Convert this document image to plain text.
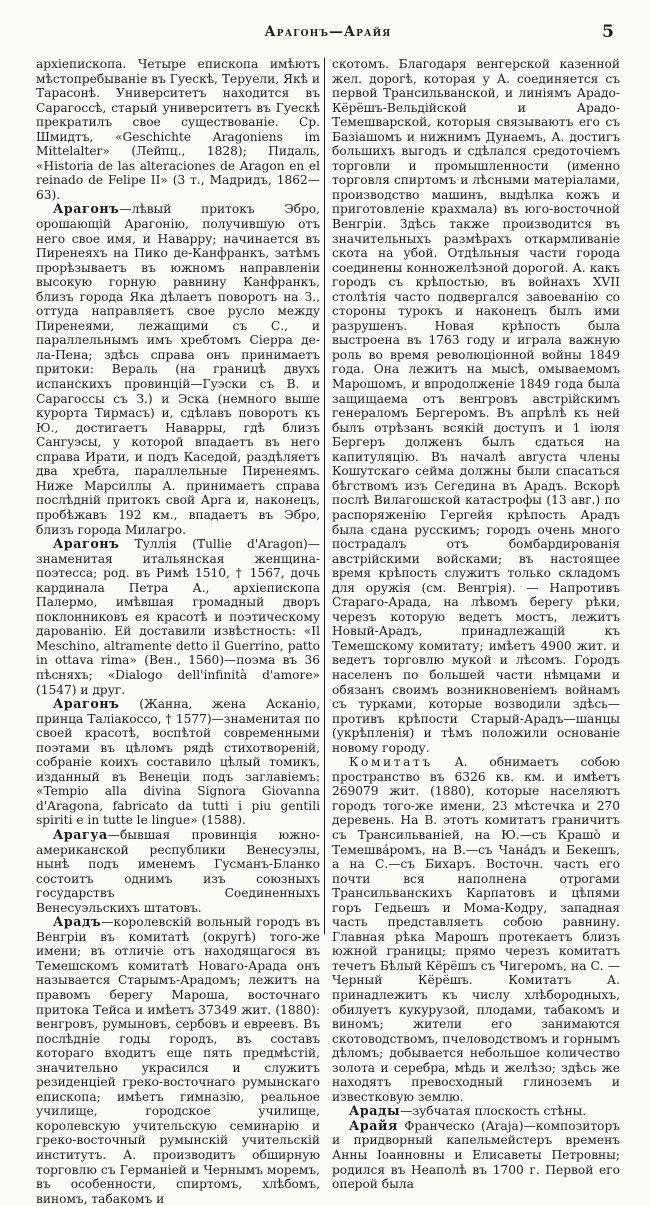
Арагонъ—Арайя	5

архіепископа. Четыре епископа имѣютъ мѣстопребываніе въ Гуескѣ, Теруели, Якѣ и Тарасонѣ. Университетъ находится въ Сарагоссѣ, старый университетъ въ Гуескѣ прекратилъ свое существованіе. Ср. Шмидтъ, «Geschichte Aragoniens im Mittelalter» (Лейпц., 1828); Пидаль, «Historia de las alteraciones de Aragon en el reinado de Felipe II» (3 т., Мадридъ, 1862—63).

Арагонъ—лѣвый притокъ Эбро, орошающій Арагонію, получившую отъ него свое имя, и Наварру; начинается въ Пиренеяхъ на Пико де-Канфранкъ, затѣмъ прорѣзываетъ въ южномъ направленіи высокую горную равнину Канфранкъ, близъ города Яка дѣлаетъ поворотъ на З., оттуда направляетъ свое русло между Пиренеями, лежащими съ С., и параллельнымъ имъ хребтомъ Сіерра де-ла-Пена; здѣсь справа онъ принимаетъ притоки: Вераль (на границѣ двухъ испанскихъ провинцій—Гуэски съ В. и Сарагоссы съ З.) и Эска (немного выше курорта Тирмасъ) и, сдѣлавъ поворотъ къ Ю., достигаетъ Наварры, гдѣ близъ Сангуэсы, у которой впадаетъ въ него справа Ирати, и подъ Каседой, раздѣляетъ два хребта, параллельные Пиренеямъ. Ниже Марсиллы А. принимаетъ справа послѣдній притокъ свой Арга и, наконецъ, пробѣжавъ 192 км., впадаетъ въ Эбро, близъ города Милагро.

Арагонъ Туллія (Tullie d'Aragon)—знаменитая итальянская женщина-поэтесса; род. въ Римѣ 1510, † 1567, дочь кардинала Петра А., архіепископа Палермо, имѣвшая громадный дворъ поклонниковъ ея красотѣ и поэтическому дарованію. Ей доставили извѣстность: «Il Meschino, altramente detto il Guerrino, patto in ottava rima» (Вен., 1560)—поэма въ 36 пѣсняхъ; «Dialogo dell'infinità d'amore» (1547) и друг.

Арагонъ (Жанна, жена Асканіо, принца Таліакоссо, † 1577)—знаменитая по своей красотѣ, воспѣтой современными поэтами въ цѣломъ рядѣ стихотвореній, собраніе коихъ составило цѣлый томикъ, изданный въ Венеціи подъ заглавіемъ: «Tempio alla divina Signora Giovanna d'Aragona, fabricato da tutti i piu gentili spiriti e in tutte le lingue» (1588).

Арагуа—бывшая провинція южно-американской республики Венесуэлы, нынѣ подъ именемъ Гусманъ-Бланко состоитъ однимъ изъ союзныхъ государствъ Соединенныхъ Венесуэльскихъ штатовъ.

Арадъ—королевскій вольный городъ въ Венгріи въ комитатѣ (округѣ) того-же имени; въ отличіе отъ находящагося въ Темешскомъ комитатѣ Новаго-Арада онъ называется Старымъ-Арадомъ; лежитъ на правомъ берегу Мароша, восточнаго притока Тейса и имѣетъ 37349 жит. (1880): венгровъ, румыновъ, сербовъ и евреевъ. Въ послѣдніе годы городъ, въ составъ котораго входитъ еще пять предмѣстій, значительно украсился и служитъ резиденціей греко-восточнаго румынскаго епископа; имѣетъ гимназію, реальное училище, городское училище, королевскую учительскую семинарію и греко-восточный румынскій учительскій институтъ. А. производитъ обширную торговлю съ Германіей и Чернымъ моремъ, въ особенности, спиртомъ, хлѣбомъ, виномъ, табакомъ и

скотомъ. Благодаря венгерской казенной жел. дорогѣ, которая у А. соединяется съ первой Трансильванской, и линіямъ Арадо-Кёрёшъ-Вельдійской и Арадо-Темешварской, которыя связываютъ его съ Базіашомъ и нижнимъ Дунаемъ, А. достигъ большихъ выгодъ и сдѣлался средоточіемъ торговли и промышленности (именно торговля спиртомъ и лѣсными матеріалами, производство машинъ, выдѣлка кожъ и приготовленіе крахмала) въ юго-восточной Венгріи. Здѣсь также производится въ значительныхъ размѣрахъ откармливаніе скота на убой. Отдѣльныя части города соединены конножелѣзной дорогой. А. какъ городъ съ крѣпостью, въ войнахъ XVII столѣтія часто подвергался завоеванію со стороны турокъ и наконецъ былъ ими разрушенъ. Новая крѣпость была выстроена въ 1763 году и играла важную роль во время революціонной войны 1849 года. Она лежитъ на мысѣ, омываемомъ Марошомъ, и впродолженіе 1849 года была защищаема отъ венгровъ австрійскимъ генераломъ Бергеромъ. Въ апрѣлѣ къ ней былъ отрѣзанъ всякій доступъ и 1 іюля Бергеръ долженъ былъ сдаться на капитуляцію. Въ началѣ августа члены Кошутскаго сейма должны были спасаться бѣгствомъ изъ Сегедина въ Арадъ. Вскорѣ послѣ Вилагошской катастрофы (13 авг.) по распоряженію Гергейя крѣпость Арадъ была сдана русскимъ; городъ очень много пострадалъ отъ бомбардированія австрійскими войсками; въ настоящее время крѣпость служитъ только складомъ для оружія (см. Венгрія). — Напротивъ Стараго-Арада, на лѣвомъ берегу рѣки, черезъ которую ведетъ мостъ, лежитъ Новый-Арадъ, принадлежащій къ Темешскому комитату; имѣетъ 4900 жит. и ведетъ торговлю мукой и лѣсомъ. Городъ населенъ по большей части нѣмцами и обязанъ своимъ возникновеніемъ войнамъ съ турками, которые возводили здѣсь—противъ крѣпости Старый-Арадъ—шанцы (укрѣпленія) и тѣмъ положили основаніе новому городу.

Комитатъ А. обнимаетъ собою пространство въ 6326 кв. км. и имѣетъ 269079 жит. (1880), которые населяютъ городъ того-же имени, 23 мѣстечка и 270 деревень. На В. этотъ комитатъ граничитъ съ Трансильваніей, на Ю.—съ Крашо̀ и Темешва́ромъ, на В.—съ Чана́дъ и Бекешъ, а на С.—съ Бихаръ. Восточн. часть его почти вся наполнена отрогами Трансильванскихъ Карпатовъ и цѣпями горъ Гедьешъ и Мома-Кодру, западная часть представляетъ собою равнину. Главная рѣка Марошъ протекаетъ близъ южной границы; прямо черезъ комитатъ течетъ Бѣлый Кёрёшъ съ Чигеромъ, на С. — Черный Кёрёшъ. Комитатъ А. принадлежитъ къ числу хлѣбородныхъ, обилуетъ кукурузой, плодами, табакомъ и виномъ; жители его занимаются скотоводствомъ, пчеловодствомъ и горнымъ дѣломъ; добывается небольшое количество золота и серебра, мѣдь и желѣзо; здѣсь же находятъ превосходный глиноземъ и известковую землю.

Арады—зубчатая плоскость стѣны.

Арайя Франческо (Araja)—композиторъ и придворный капельмейстеръ временъ Анны Іоанновны и Елисаветы Петровны; родился въ Неаполѣ въ 1700 г. Первой его оперой была
